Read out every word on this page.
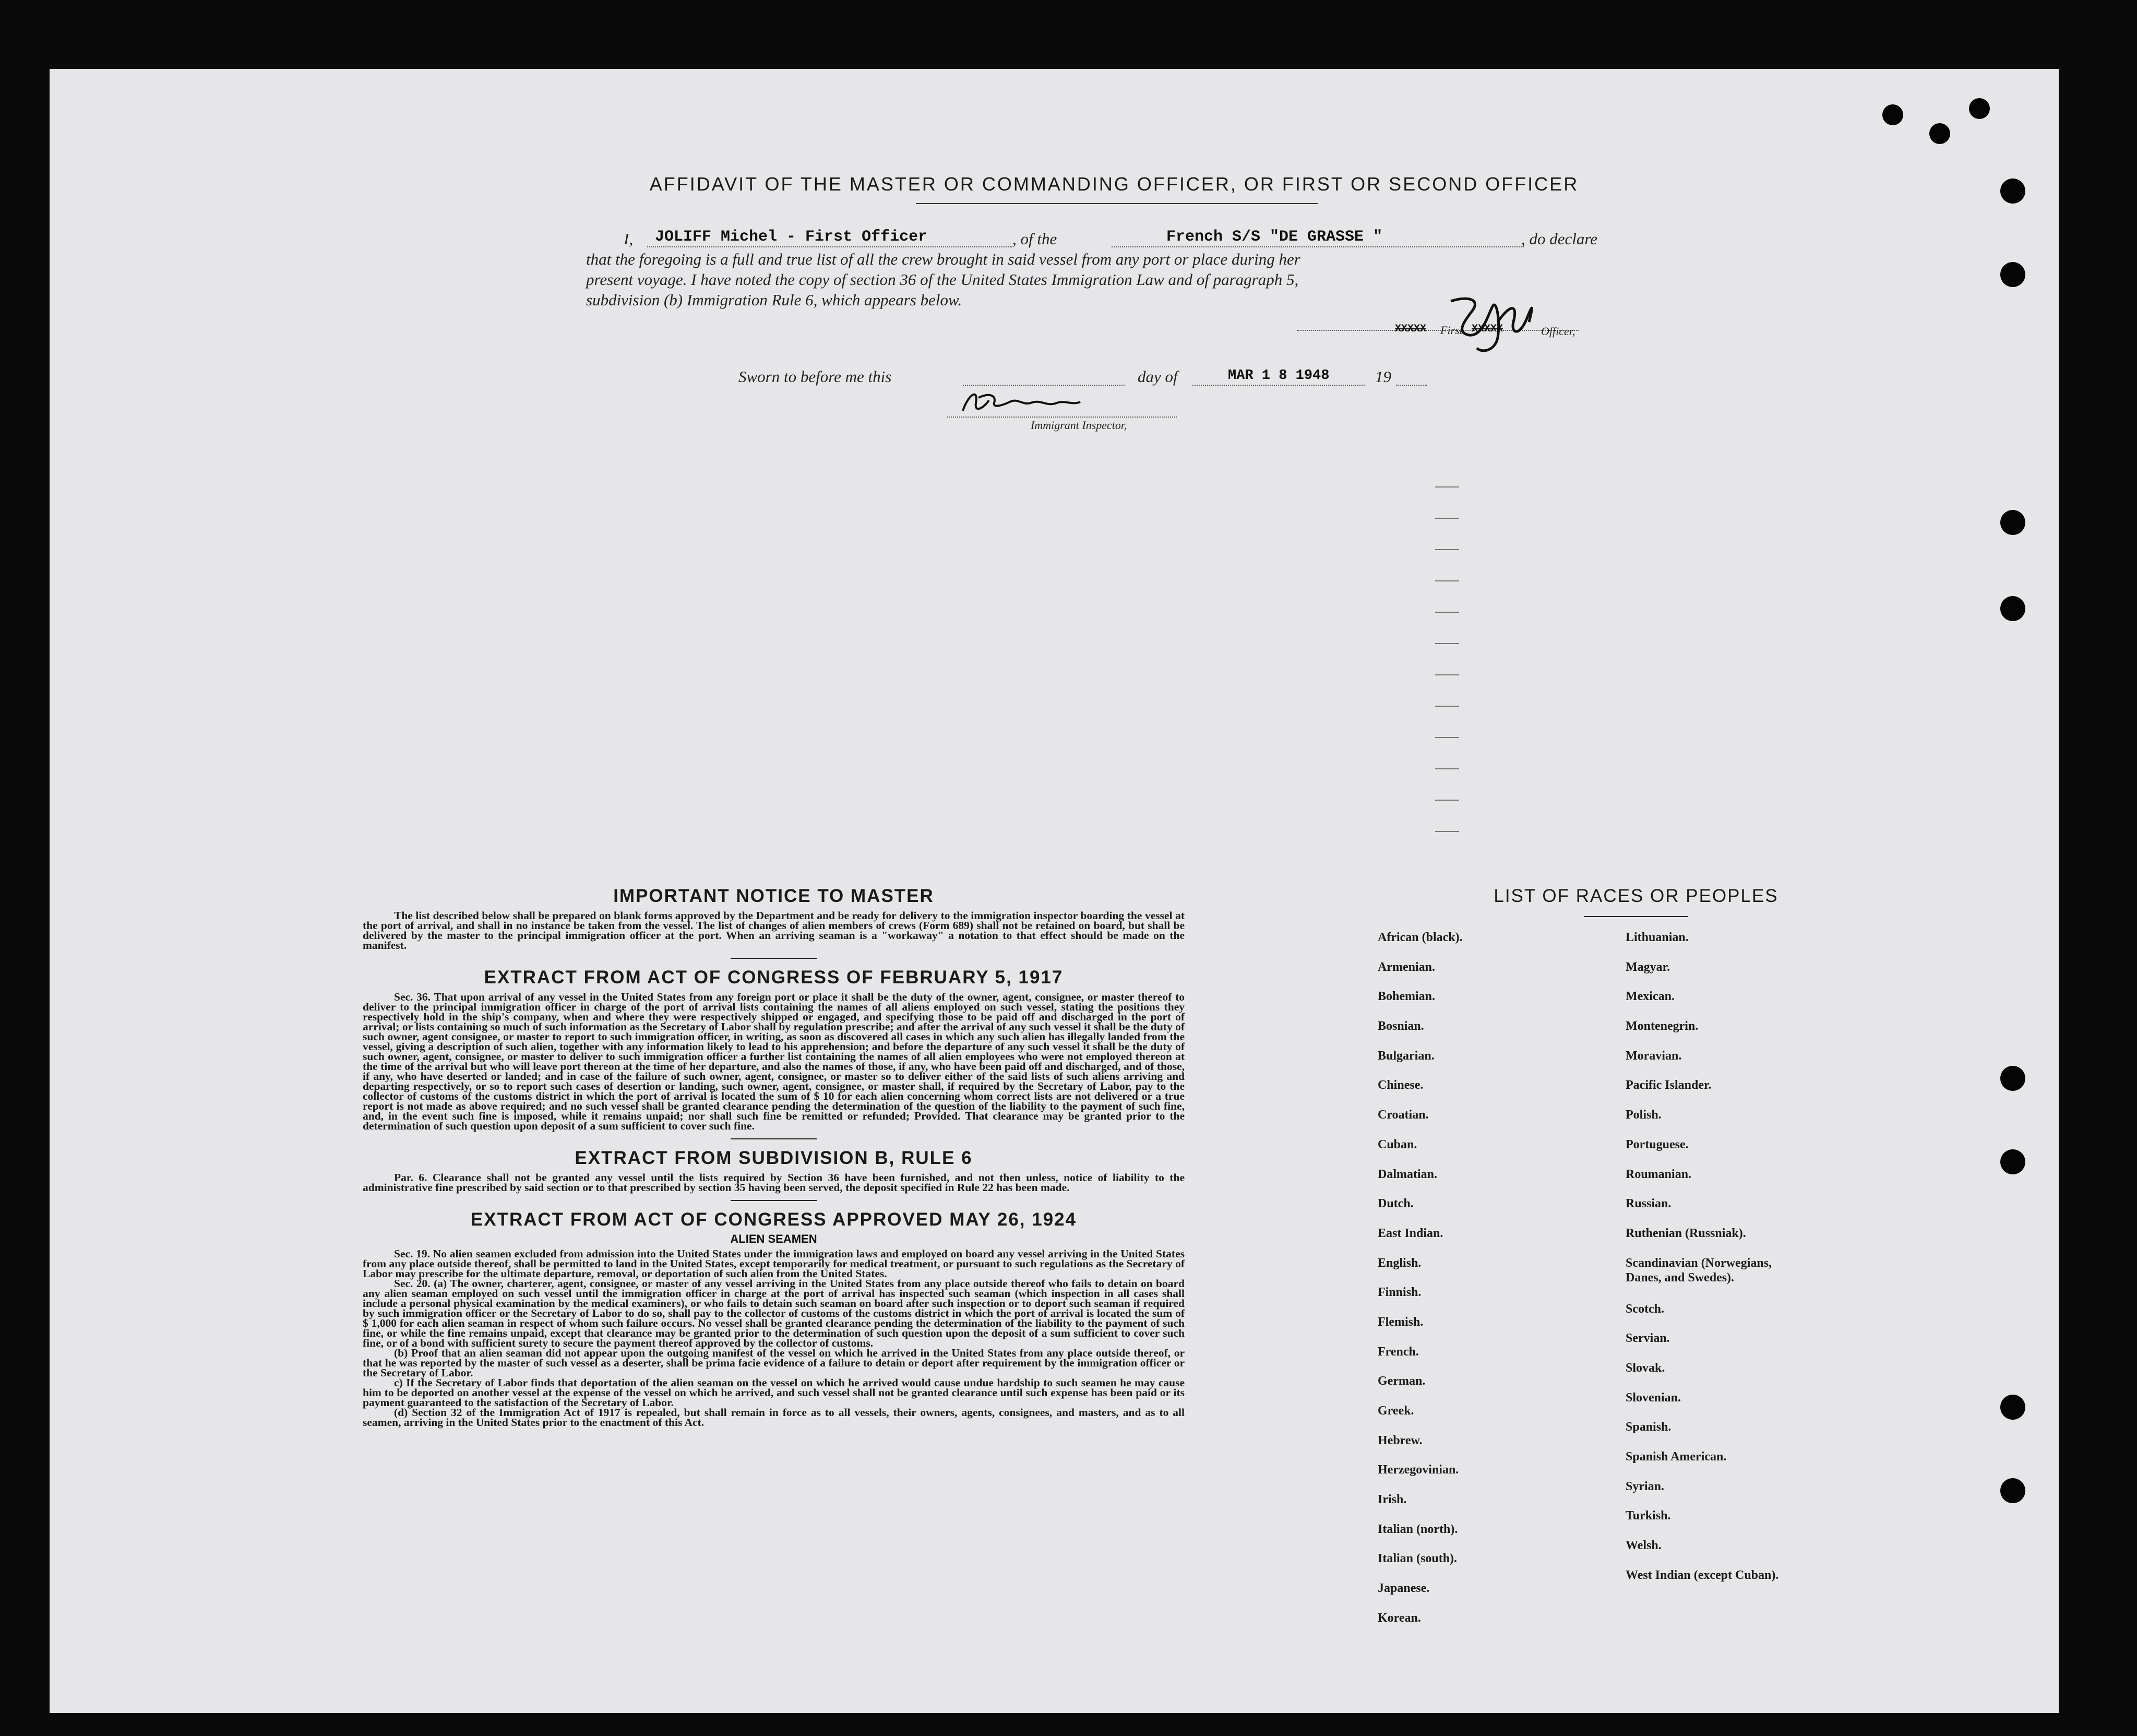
AFFIDAVIT OF THE MASTER OR COMMANDING OFFICER, OR FIRST OR SECOND OFFICER
I, JOLIFF Michel - First Officer	, of the	French S/S "DE GRASSE "	, do declare
that the foregoing is a full and true list of all the crew brought in said vessel from any port or place during her
present voyage. I have noted the copy of section 36 of the United States Immigration Law and of paragraph 5,
subdivision (b) Immigration Rule 6, which appears below.
XXXXX First XXXXX	Officer,
Sworn to before me this	day of	MAR 1 8 1948	19
Immigrant Inspector,
IMPORTANT NOTICE TO MASTER

The list described below shall be prepared on blank forms approved by the Department and be ready for delivery to the immigration inspector boarding the vessel at the port of arrival, and shall in no instance be taken from the vessel. The list of changes of alien members of crews (Form 689) shall not be retained on board, but shall be delivered by the master to the principal immigration officer at the port. When an arriving seaman is a "workaway" a notation to that effect should be made on the manifest.

EXTRACT FROM ACT OF CONGRESS OF FEBRUARY 5, 1917

Sec. 36. That upon arrival of any vessel in the United States from any foreign port or place it shall be the duty of the owner, agent, consignee, or master thereof to deliver to the principal immigration officer in charge of the port of arrival lists containing the names of all aliens employed on such vessel, stating the positions they respectively hold in the ship's company, when and where they were respectively shipped or engaged, and specifying those to be paid off and discharged in the port of arrival; or lists containing so much of such information as the Secretary of Labor shall by regulation prescribe; and after the arrival of any such vessel it shall be the duty of such owner, agent consignee, or master to report to such immigration officer, in writing, as soon as discovered all cases in which any such alien has illegally landed from the vessel, giving a description of such alien, together with any information likely to lead to his apprehension; and before the departure of any such vessel it shall be the duty of such owner, agent, consignee, or master to deliver to such immigration officer a further list containing the names of all alien employees who were not employed thereon at the time of the arrival but who will leave port thereon at the time of her departure, and also the names of those, if any, who have been paid off and discharged, and of those, if any, who have deserted or landed; and in case of the failure of such owner, agent, consignee, or master so to deliver either of the said lists of such aliens arriving and departing respectively, or so to report such cases of desertion or landing, such owner, agent, consignee, or master shall, if required by the Secretary of Labor, pay to the collector of customs of the customs district in which the port of arrival is located the sum of $ 10 for each alien concerning whom correct lists are not delivered or a true report is not made as above required; and no such vessel shall be granted clearance pending the determination of the question of the liability to the payment of such fine, and, in the event such fine is imposed, while it remains unpaid; nor shall such fine be remitted or refunded; Provided. That clearance may be granted prior to the determination of such question upon deposit of a sum sufficient to cover such fine.

EXTRACT FROM SUBDIVISION B, RULE 6

Par. 6. Clearance shall not be granted any vessel until the lists required by Section 36 have been furnished, and not then unless, notice of liability to the administrative fine prescribed by said section or to that prescribed by section 35 having been served, the deposit specified in Rule 22 has been made.

EXTRACT FROM ACT OF CONGRESS APPROVED MAY 26, 1924
ALIEN SEAMEN

Sec. 19. No alien seamen excluded from admission into the United States under the immigration laws and employed on board any vessel arriving in the United States from any place outside thereof, shall be permitted to land in the United States, except temporarily for medical treatment, or pursuant to such regulations as the Secretary of Labor may prescribe for the ultimate departure, removal, or deportation of such alien from the United States.

Sec. 20. (a) The owner, charterer, agent, consignee, or master of any vessel arriving in the United States from any place outside thereof who fails to detain on board any alien seaman employed on such vessel until the immigration officer in charge at the port of arrival has inspected such seaman (which inspection in all cases shall include a personal physical examination by the medical examiners), or who fails to detain such seaman on board after such inspection or to deport such seaman if required by such immigration officer or the Secretary of Labor to do so, shall pay to the collector of customs of the customs district in which the port of arrival is located the sum of $ 1,000 for each alien seaman in respect of whom such failure occurs. No vessel shall be granted clearance pending the determination of the liability to the payment of such fine, or while the fine remains unpaid, except that clearance may be granted prior to the determination of such question upon the deposit of a sum sufficient to cover such fine, or of a bond with sufficient surety to secure the payment thereof approved by the collector of customs.

(b) Proof that an alien seaman did not appear upon the outgoing manifest of the vessel on which he arrived in the United States from any place outside thereof, or that he was reported by the master of such vessel as a deserter, shall be prima facie evidence of a failure to detain or deport after requirement by the immigration officer or the Secretary of Labor.

c) If the Secretary of Labor finds that deportation of the alien seaman on the vessel on which he arrived would cause undue hardship to such seamen he may cause him to be deported on another vessel at the expense of the vessel on which he arrived, and such vessel shall not be granted clearance until such expense has been paid or its payment guaranteed to the satisfaction of the Secretary of Labor.

(d) Section 32 of the Immigration Act of 1917 is repealed, but shall remain in force as to all vessels, their owners, agents, consignees, and masters, and as to all seamen, arriving in the United States prior to the enactment of this Act.

LIST OF RACES OR PEOPLES
African (black).
Armenian.
Bohemian.
Bosnian.
Bulgarian.
Chinese.
Croatian.
Cuban.
Dalmatian.
Dutch.
East Indian.
English.
Finnish.
Flemish.
French.
German.
Greek.
Hebrew.
Herzegovinian.
Irish.
Italian (north).
Italian (south).
Japanese.
Korean.
Lithuanian.
Magyar.
Mexican.
Montenegrin.
Moravian.
Pacific Islander.
Polish.
Portuguese.
Roumanian.
Russian.
Ruthenian (Russniak).
Scandinavian (Norwegians, Danes, and Swedes).
Scotch.
Servian.
Slovak.
Slovenian.
Spanish.
Spanish American.
Syrian.
Turkish.
Welsh.
West Indian (except Cuban).
